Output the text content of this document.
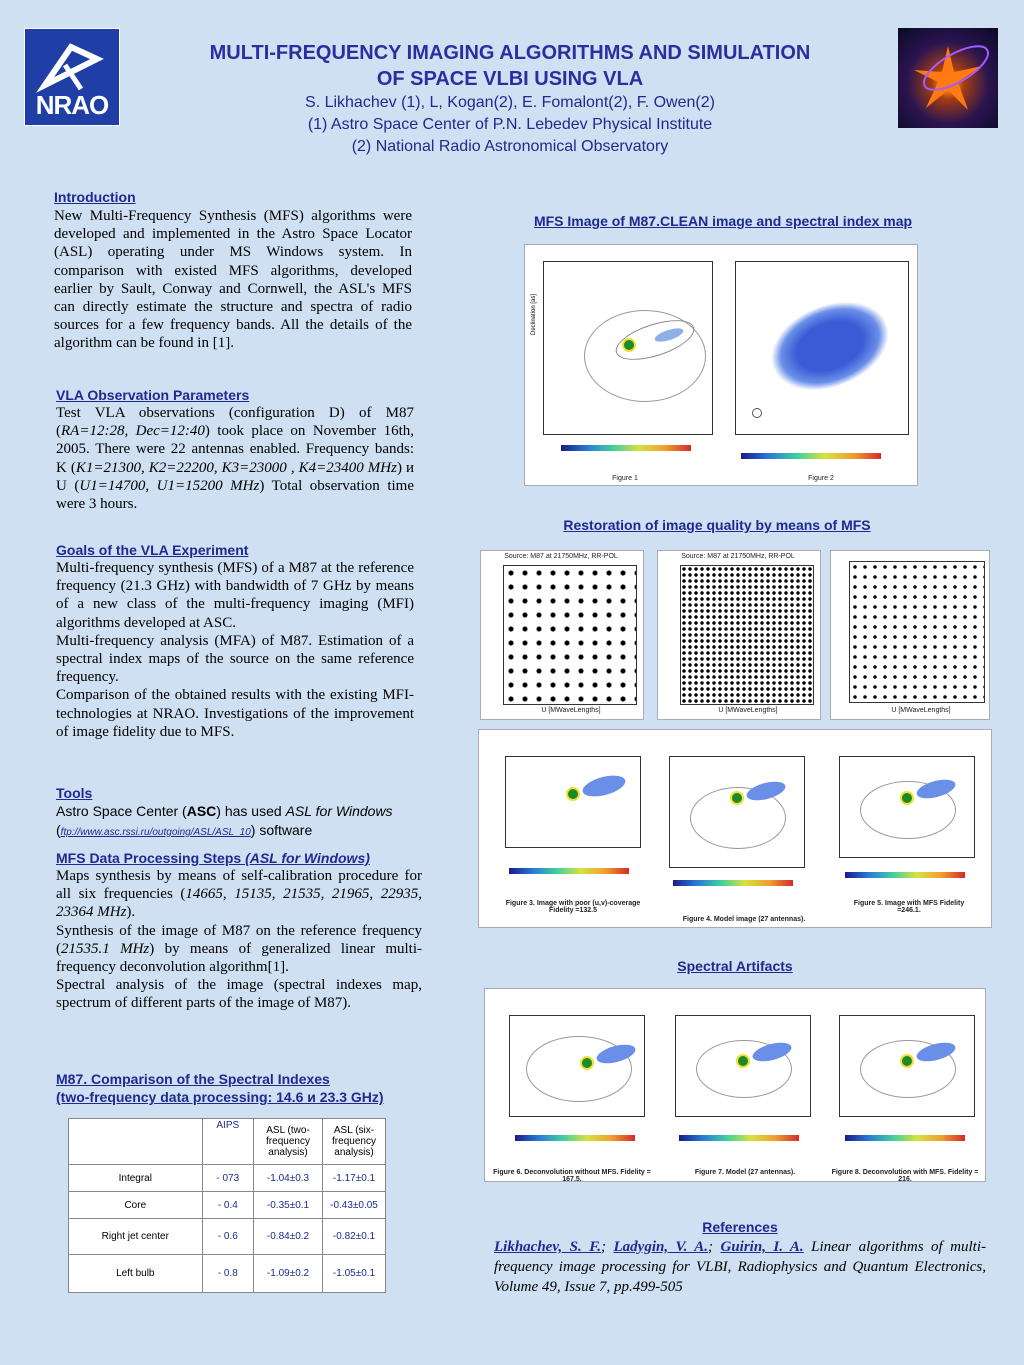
NRAO
MULTI-FREQUENCY IMAGING ALGORITHMS AND SIMULATION
OF SPACE VLBI USING VLA
S. Likhachev (1), L, Kogan(2), E. Fomalont(2), F. Owen(2)
(1) Astro Space Center of P.N. Lebedev Physical Institute
(2) National Radio Astronomical Observatory
Introduction
New Multi-Frequency Synthesis (MFS) algorithms were developed and implemented in the Astro Space Locator (ASL) operating under MS Windows system. In comparison with existed MFS algorithms, developed earlier by Sault, Conway and Cornwell, the ASL's MFS can directly estimate the structure and spectra of radio sources for a few frequency bands. All the details of the algorithm can be found in [1].
VLA Observation Parameters
Test VLA observations (configuration D) of M87 (RA=12:28, Dec=12:40) took place on November 16th, 2005. There were 22 antennas enabled. Frequency bands: K (K1=21300, K2=22200, K3=23000 , K4=23400 MHz) и U (U1=14700, U1=15200 MHz) Total observation time were 3 hours.
Goals of the VLA Experiment
Multi-frequency synthesis (MFS) of a M87 at the reference frequency (21.3 GHz) with bandwidth of 7 GHz by means of a new class of the multi-frequency imaging (MFI) algorithms developed at ASC.
Multi-frequency analysis (MFA) of M87. Estimation of a spectral index maps of the source on the same reference frequency.
Comparison of the obtained results with the existing MFI-technologies at NRAO. Investigations of the improvement of image fidelity due to MFS.
Tools
Astro Space Center (ASC) has used ASL for Windows
(ftp://www.asc.rssi.ru/outgoing/ASL/ASL_10) software
MFS Data Processing Steps (ASL for Windows)
Maps synthesis by means of self-calibration procedure for all six frequencies (14665, 15135, 21535, 21965, 22935, 23364 MHz).
Synthesis of the image of M87 on the reference frequency (21535.1 MHz) by means of generalized linear multi-frequency deconvolution algorithm[1].
Spectral analysis of the image (spectral indexes map, spectrum of different parts of the image of M87).
M87. Comparison of the Spectral Indexes
(two-frequency data processing: 14.6 и 23.3 GHz)
	AIPS	ASL (two-frequency analysis)	ASL (six-frequency analysis)
Integral	- 073	-1.04±0.3	-1.17±0.1
Core	- 0.4	-0.35±0.1	-0.43±0.05
Right jet center	- 0.6	-0.84±0.2	-0.82±0.1
Left bulb	- 0.8	-1.09±0.2	-1.05±0.1
MFS Image of M87.CLEAN image and spectral index map
Declination [as]
Figure 1	Figure 2
Restoration of image quality by means of MFS
Source: M87 at 21750MHz, RR-POL
U [MWaveLengths]
Source: M87 at 21750MHz, RR-POL
U [MWaveLengths]	U [MWaveLengths]
Figure 3. Image with poor (u,v)-coverage Fidelity =132.5
Figure 4. Model image (27 antennas).
Figure 5. Image with MFS Fidelity =246.1.
Spectral Artifacts
Figure 6. Deconvolution without MFS. Fidelity = 167.5.
Figure 7. Model (27 antennas).	Figure 8. Deconvolution with MFS. Fidelity = 216.
References
Likhachev, S. F.; Ladygin, V. A.; Guirin, I. A. Linear algorithms of multi-frequency image processing for VLBI, Radiophysics and Quantum Electronics, Volume 49, Issue 7, pp.499-505
